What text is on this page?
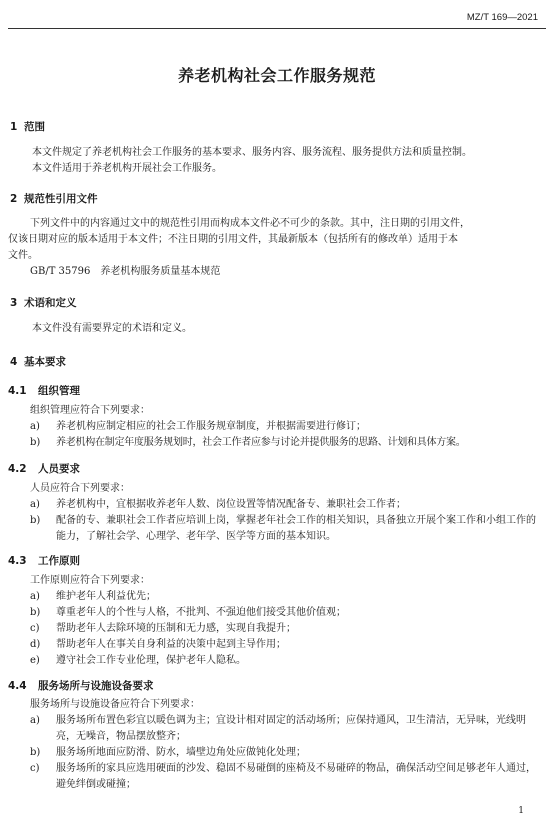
MZ/T 169—2021
养老机构社会工作服务规范
1 范围
本文件规定了养老机构社会工作服务的基本要求、服务内容、服务流程、服务提供方法和质量控制。
本文件适用于养老机构开展社会工作服务。
2 规范性引用文件
下列文件中的内容通过文中的规范性引用而构成本文件必不可少的条款。其中，注日期的引用文件，
仅该日期对应的版本适用于本文件；不注日期的引用文件，其最新版本（包括所有的修改单）适用于本
文件。
GB/T 35796　养老机构服务质量基本规范
3 术语和定义
本文件没有需要界定的术语和定义。
4 基本要求
4.1 组织管理
组织管理应符合下列要求：
a) 养老机构应制定相应的社会工作服务规章制度，并根据需要进行修订；
b) 养老机构在制定年度服务规划时，社会工作者应参与讨论并提供服务的思路、计划和具体方案。
4.2 人员要求
人员应符合下列要求：
a) 养老机构中，宜根据收养老年人数、岗位设置等情况配备专、兼职社会工作者；
b) 配备的专、兼职社会工作者应培训上岗，掌握老年社会工作的相关知识，具备独立开展个案工作和小组工作的能力，了解社会学、心理学、老年学、医学等方面的基本知识。
4.3 工作原则
工作原则应符合下列要求：
a) 维护老年人利益优先；
b) 尊重老年人的个性与人格，不批判、不强迫他们接受其他价值观；
c) 帮助老年人去除环境的压制和无力感，实现自我提升；
d) 帮助老年人在事关自身利益的决策中起到主导作用；
e) 遵守社会工作专业伦理，保护老年人隐私。
4.4 服务场所与设施设备要求
服务场所与设施设备应符合下列要求：
a) 服务场所布置色彩宜以暖色调为主；宜设计相对固定的活动场所；应保持通风，卫生清洁，无异味，光线明亮，无噪音，物品摆放整齐；
b) 服务场所地面应防滑、防水，墙壁边角处应做钝化处理；
c) 服务场所的家具应选用硬面的沙发、稳固不易碰倒的座椅及不易碰碎的物品，确保活动空间足够老年人通过，避免绊倒或碰撞；
1
